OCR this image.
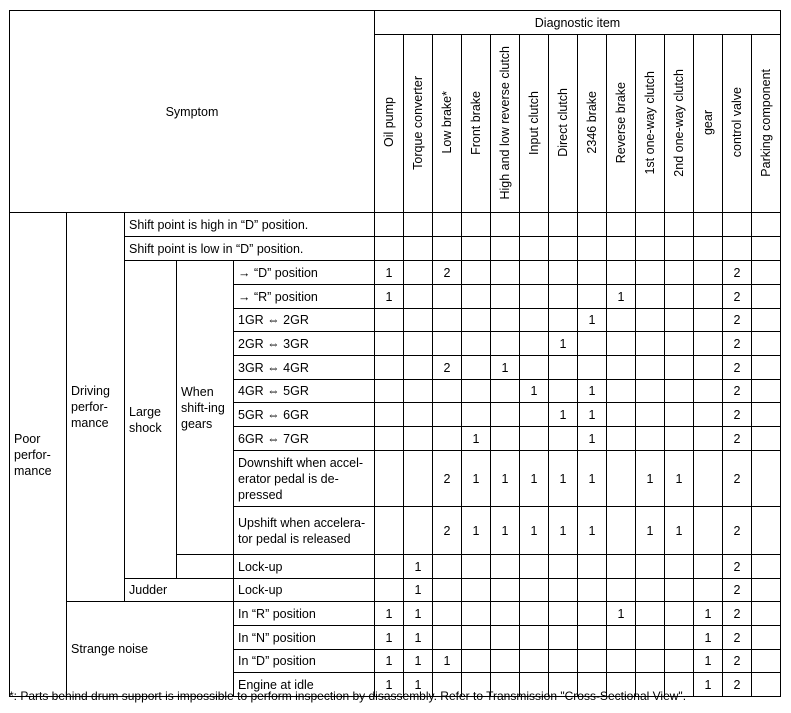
Symptom					Diagnostic item													

					Oil pump	Torque converter	Low brake*	Front brake	High and low reverse clutch	Input clutch	Direct clutch	2346 brake	Reverse brake	1st one-way clutch	2nd one-way clutch	gear	control valve	Parking component

Poor perfor-mance	Driving perfor-mance	Shift point is high in “D” position.																
		Shift point is low in “D” position.																
		Large shock	When shift-ing gears	→ “D” position	1		2										2	
				→ “R” position	1								1				2	
				1GR ⇔ 2GR								1					2	
				2GR ⇔ 3GR							1						2	
				3GR ⇔ 4GR			2		1								2	
				4GR ⇔ 5GR						1		1					2	
				5GR ⇔ 6GR							1	1					2	
				6GR ⇔ 7GR				1				1					2	
				Downshift when accel-erator pedal is de-pressed			2	1	1	1	1	1		1	1		2	
				Upshift when accelera-tor pedal is released			2	1	1	1	1	1		1	1		2	
				Lock-up		1											2	
		Judder		Lock-up		1											2	
	Strange noise			In “R” position	1	1							1			1	2	
				In “N” position	1	1										1	2	
				In “D” position	1	1	1									1	2	
				Engine at idle	1	1										1	2	
*: Parts behind drum support is impossible to perform inspection by disassembly. Refer to Transmission "Cross-Sectional View".
